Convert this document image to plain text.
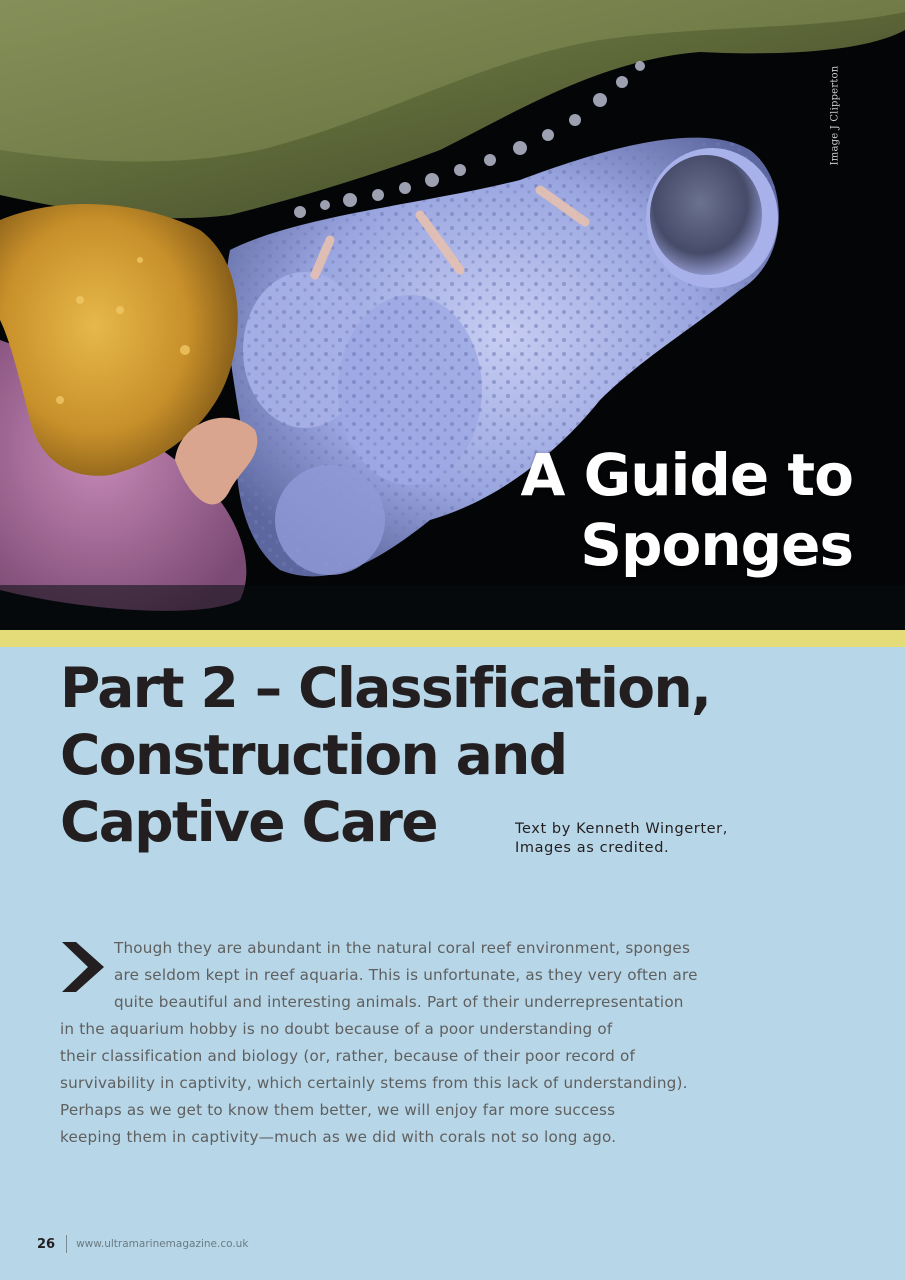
Image J Clipperton
A Guide to
Sponges
Part 2 – Classification,
Construction and
Captive Care	Text by Kenneth Wingerter,
Images as credited.
Though they are abundant in the natural coral reef environment, sponges
are seldom kept in reef aquaria. This is unfortunate, as they very often are
quite beautiful and interesting animals. Part of their underrepresentation
in the aquarium hobby is no doubt because of a poor understanding of
their classification and biology (or, rather, because of their poor record of
survivability in captivity, which certainly stems from this lack of understanding).
Perhaps as we get to know them better, we will enjoy far more success
keeping them in captivity—much as we did with corals not so long ago.
26 www.ultramarinemagazine.co.uk
